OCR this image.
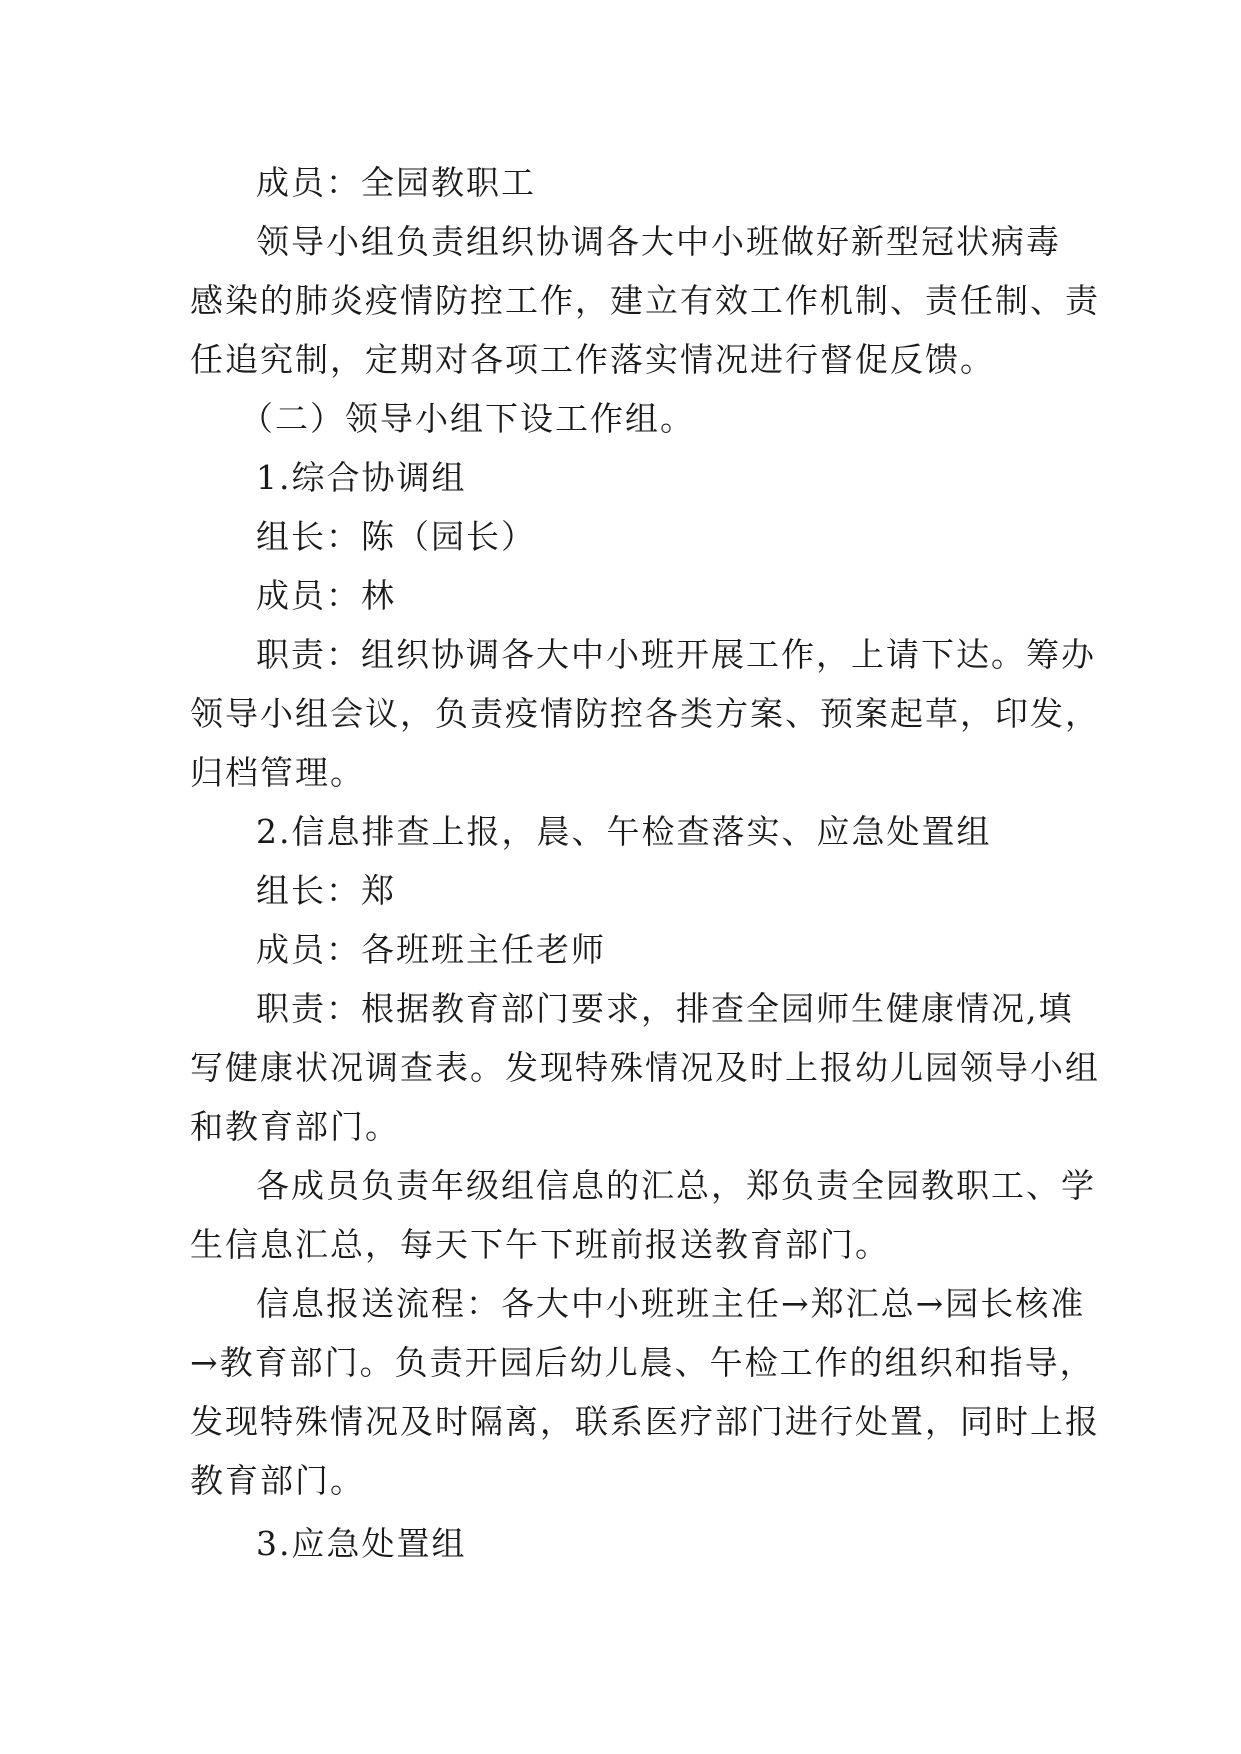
成员：全园教职工
领导小组负责组织协调各大中小班做好新型冠状病毒
感染的肺炎疫情防控工作，建立有效工作机制、责任制、责
任追究制，定期对各项工作落实情况进行督促反馈。
（二）领导小组下设工作组。
1.综合协调组
组长：陈（园长）
成员：林
职责：组织协调各大中小班开展工作，上请下达。筹办
领导小组会议，负责疫情防控各类方案、预案起草，印发，
归档管理。
2.信息排查上报，晨、午检查落实、应急处置组
组长：郑
成员：各班班主任老师
职责：根据教育部门要求，排查全园师生健康情况,填
写健康状况调查表。发现特殊情况及时上报幼儿园领导小组
和教育部门。
各成员负责年级组信息的汇总，郑负责全园教职工、学
生信息汇总，每天下午下班前报送教育部门。
信息报送流程：各大中小班班主任→郑汇总→园长核准
→教育部门。负责开园后幼儿晨、午检工作的组织和指导，
发现特殊情况及时隔离，联系医疗部门进行处置，同时上报
教育部门。
3.应急处置组
